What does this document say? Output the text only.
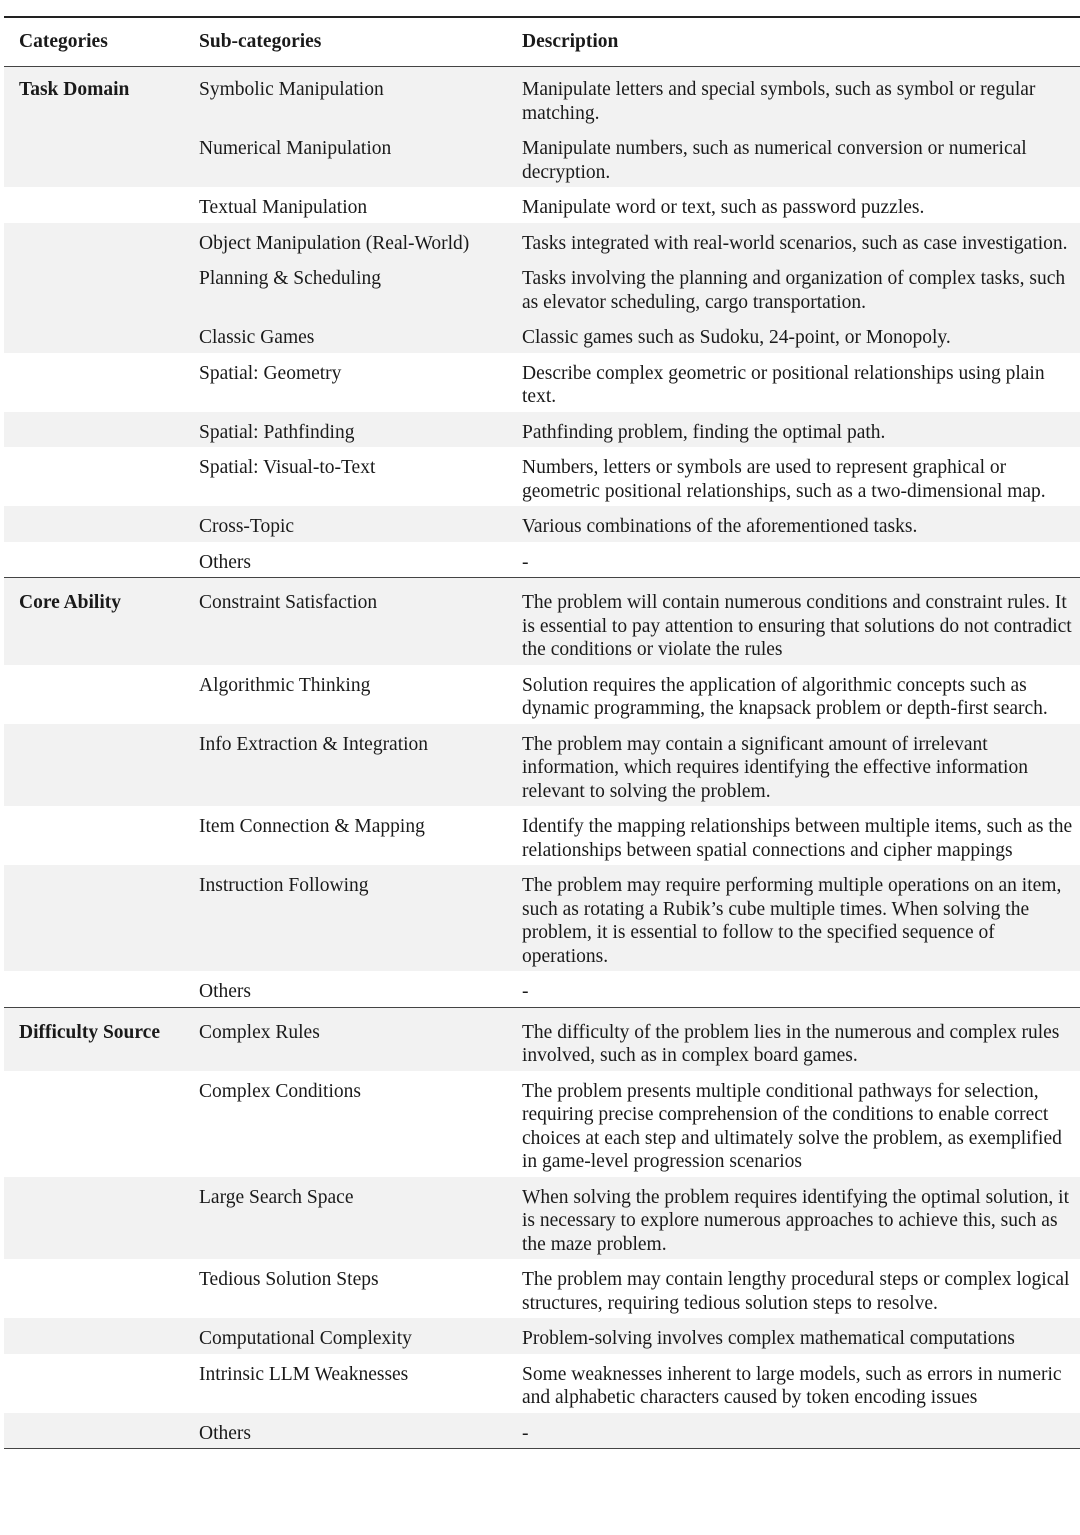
Categories	Sub-categories	Description
Task Domain	Symbolic Manipulation	Manipulate letters and special symbols, such as symbol or regular matching.
	Numerical Manipulation	Manipulate numbers, such as numerical conversion or numerical decryption.
	Textual Manipulation	Manipulate word or text, such as password puzzles.
	Object Manipulation (Real-World)	Tasks integrated with real-world scenarios, such as case investigation.
	Planning & Scheduling	Tasks involving the planning and organization of complex tasks, such as elevator scheduling, cargo transportation.
	Classic Games	Classic games such as Sudoku, 24-point, or Monopoly.
	Spatial: Geometry	Describe complex geometric or positional relationships using plain text.
	Spatial: Pathfinding	Pathfinding problem, finding the optimal path.
	Spatial: Visual-to-Text	Numbers, letters or symbols are used to represent graphical or geometric positional relationships, such as a two-dimensional map.
	Cross-Topic	Various combinations of the aforementioned tasks.
	Others	-
Core Ability	Constraint Satisfaction	The problem will contain numerous conditions and constraint rules. It is essential to pay attention to ensuring that solutions do not contradict the conditions or violate the rules
	Algorithmic Thinking	Solution requires the application of algorithmic concepts such as dynamic programming, the knapsack problem or depth-first search.
	Info Extraction & Integration	The problem may contain a significant amount of irrelevant information, which requires identifying the effective information relevant to solving the problem.
	Item Connection & Mapping	Identify the mapping relationships between multiple items, such as the relationships between spatial connections and cipher mappings
	Instruction Following	The problem may require performing multiple operations on an item, such as rotating a Rubik’s cube multiple times. When solving the problem, it is essential to follow to the specified sequence of operations.
	Others	-
Difficulty Source	Complex Rules	The difficulty of the problem lies in the numerous and complex rules involved, such as in complex board games.
	Complex Conditions	The problem presents multiple conditional pathways for selection, requiring precise comprehension of the conditions to enable correct choices at each step and ultimately solve the problem, as exemplified in game-level progression scenarios
	Large Search Space	When solving the problem requires identifying the optimal solution, it is necessary to explore numerous approaches to achieve this, such as the maze problem.
	Tedious Solution Steps	The problem may contain lengthy procedural steps or complex logical structures, requiring tedious solution steps to resolve.
	Computational Complexity	Problem-solving involves complex mathematical computations
	Intrinsic LLM Weaknesses	Some weaknesses inherent to large models, such as errors in numeric and alphabetic characters caused by token encoding issues
	Others	-
